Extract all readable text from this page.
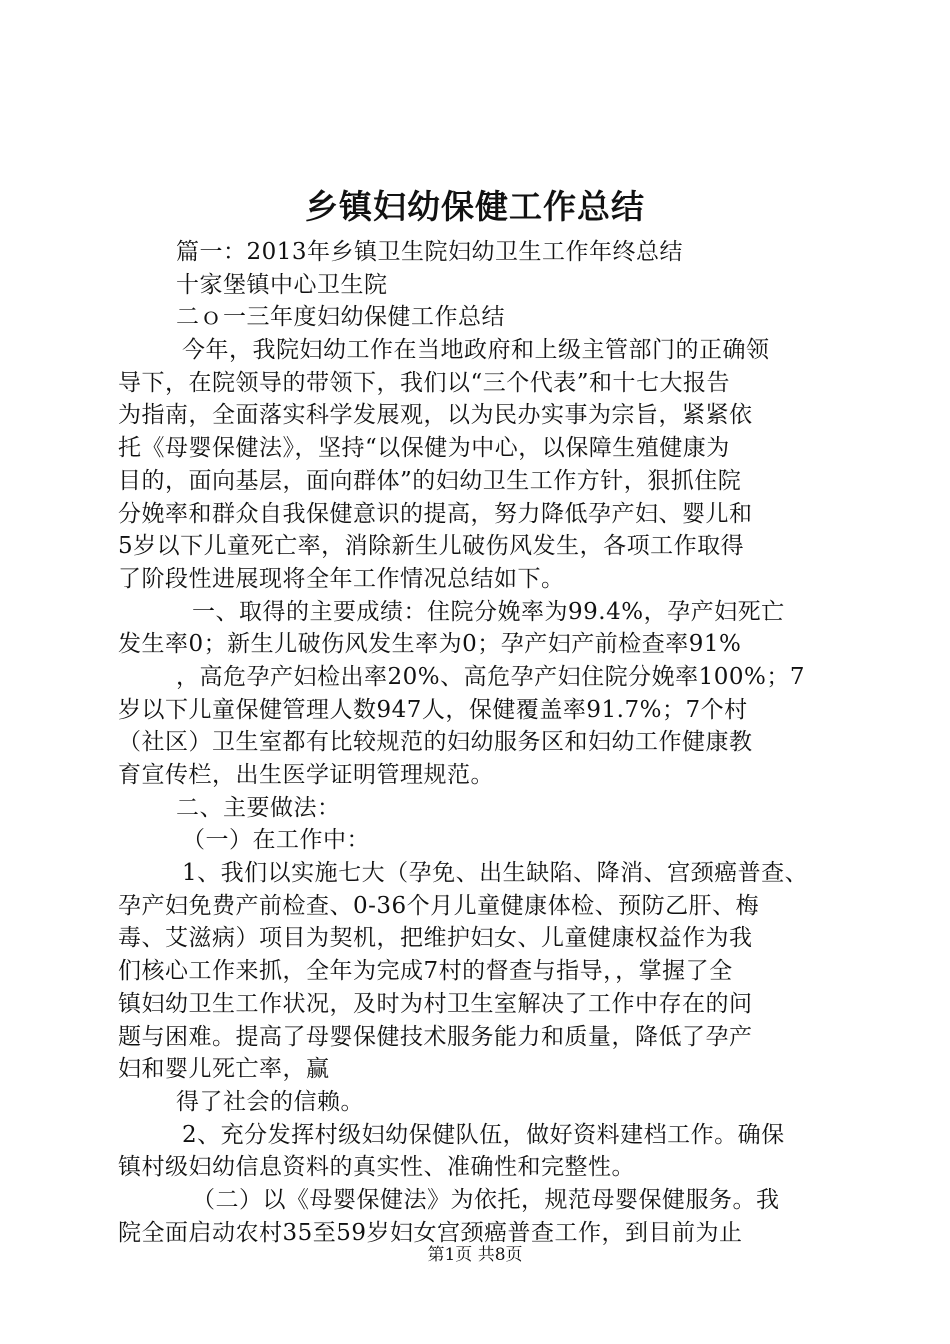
乡镇妇幼保健工作总结
篇一：2013年乡镇卫生院妇幼卫生工作年终总结
十家堡镇中心卫生院
二ｏ一三年度妇幼保健工作总结
今年，我院妇幼工作在当地政府和上级主管部门的正确领
导下，在院领导的带领下，我们以“三个代表”和十七大报告
为指南，全面落实科学发展观，以为民办实事为宗旨，紧紧依
托《母婴保健法》，坚持“以保健为中心，以保障生殖健康为
目的，面向基层，面向群体”的妇幼卫生工作方针，狠抓住院
分娩率和群众自我保健意识的提高，努力降低孕产妇、婴儿和
5岁以下儿童死亡率，消除新生儿破伤风发生，各项工作取得
了阶段性进展现将全年工作情况总结如下。
一、取得的主要成绩：住院分娩率为99.4%，孕产妇死亡
发生率0；新生儿破伤风发生率为0；孕产妇产前检查率91%
，高危孕产妇检出率20%、高危孕产妇住院分娩率100%；7
岁以下儿童保健管理人数947人，保健覆盖率91.7%；7个村
（社区）卫生室都有比较规范的妇幼服务区和妇幼工作健康教
育宣传栏，出生医学证明管理规范。
二、主要做法：
（一）在工作中：
1、我们以实施七大（孕免、出生缺陷、降消、宫颈癌普查、
孕产妇免费产前检查、0-36个月儿童健康体检、预防乙肝、梅
毒、艾滋病）项目为契机，把维护妇女、儿童健康权益作为我
们核心工作来抓，全年为完成7村的督查与指导，，掌握了全
镇妇幼卫生工作状况，及时为村卫生室解决了工作中存在的问
题与困难。提高了母婴保健技术服务能力和质量，降低了孕产
妇和婴儿死亡率，赢
得了社会的信赖。
2、充分发挥村级妇幼保健队伍，做好资料建档工作。确保
镇村级妇幼信息资料的真实性、准确性和完整性。
（二）以《母婴保健法》为依托，规范母婴保健服务。我
院全面启动农村35至59岁妇女宫颈癌普查工作，到目前为止
第1页 共8页
